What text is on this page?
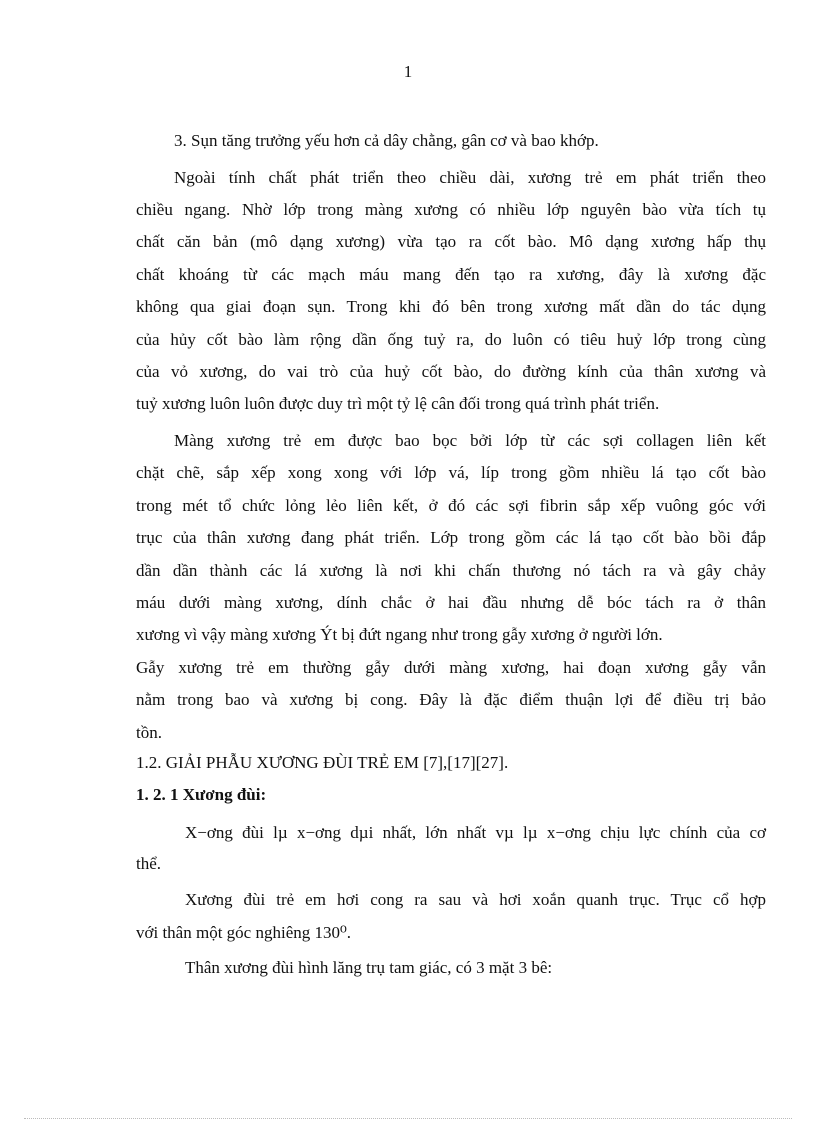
1
3. Sụn tăng trưởng yếu hơn cả dây chằng, gân cơ và bao khớp.
Ngoài tính chất phát triển theo chiều dài, xương trẻ em phát triển theo
chiều ngang. Nhờ lớp trong màng xương có nhiều lớp nguyên bào vừa tích tụ
chất căn bản (mô dạng xương) vừa tạo ra cốt bào. Mô dạng xương hấp thụ
chất khoáng từ các mạch máu mang đến tạo ra xương, đây là xương đặc
không qua giai đoạn sụn. Trong khi đó bên trong xương mất dần do tác dụng
của hủy cốt bào làm rộng dần ống tuỷ ra, do luôn có tiêu huỷ lớp trong cùng
của vỏ xương, do vai trò của huỷ cốt bào, do đường kính của thân xương và
tuỷ xương luôn luôn được duy trì một tỷ lệ cân đối trong quá trình phát triển.
Màng xương trẻ em được bao bọc bởi lớp từ các sợi collagen liên kết
chặt chẽ, sắp xếp xong xong với lớp vá, líp trong gồm nhiều lá tạo cốt bào
trong mét tổ chức lỏng lẻo liên kết, ở đó các sợi fibrin sắp xếp vuông góc với
trục của thân xương đang phát triển. Lớp trong gồm các lá tạo cốt bào bồi đắp
dần dần thành các lá xương là nơi khi chấn thương nó tách ra và gây chảy
máu dưới màng xương, dính chắc ở hai đầu nhưng dễ bóc tách ra ở thân
xương vì vậy màng xương Ýt bị đứt ngang như trong gẫy xương ở người lớn.
Gẫy xương trẻ em thường gẫy dưới màng xương, hai đoạn xương gẫy vẫn
nằm trong bao và xương bị cong. Đây là đặc điểm thuận lợi để điều trị bảo
tồn.
1.2. GIẢI PHẪU XƯƠNG ĐÙI TRẺ EM [7],[17][27].
1. 2. 1 Xương đùi:
X−ơng đùi lµ x−ơng dµi nhất, lớn nhất vµ lµ x−ơng chịu lực chính của cơ
thể.
Xương đùi trẻ em hơi cong ra sau và hơi xoắn quanh trục. Trục cổ hợp
với thân một góc nghiêng 130⁰.
Thân xương đùi hình lăng trụ tam giác, có 3 mặt 3 bê:
